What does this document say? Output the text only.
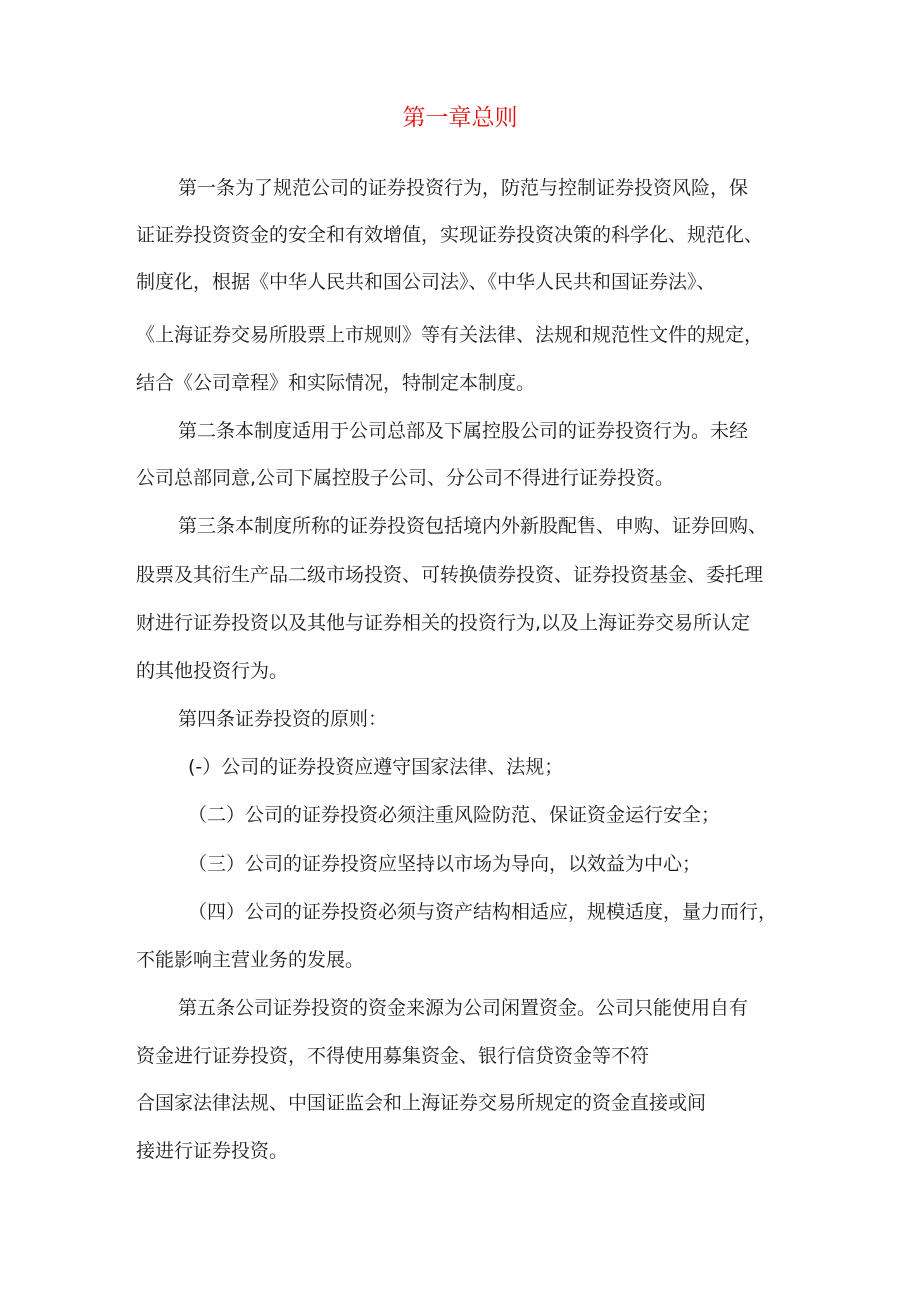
第一章总则
第一条为了规范公司的证券投资行为，防范与控制证券投资风险，保
证证券投资资金的安全和有效增值，实现证券投资决策的科学化、规范化、
制度化，根据《中华人民共和国公司法》、《中华人民共和国证券法》、
《上海证券交易所股票上市规则》等有关法律、法规和规范性文件的规定，
结合《公司章程》和实际情况，特制定本制度。
第二条本制度适用于公司总部及下属控股公司的证券投资行为。未经
公司总部同意,公司下属控股子公司、分公司不得进行证券投资。
第三条本制度所称的证券投资包括境内外新股配售、申购、证券回购、
股票及其衍生产品二级市场投资、可转换债券投资、证券投资基金、委托理
财进行证券投资以及其他与证券相关的投资行为,以及上海证券交易所认定
的其他投资行为。
第四条证券投资的原则：
(-）公司的证券投资应遵守国家法律、法规；
（二）公司的证券投资必须注重风险防范、保证资金运行安全；
（三）公司的证券投资应坚持以市场为导向，以效益为中心；
（四）公司的证券投资必须与资产结构相适应，规模适度，量力而行，
不能影响主营业务的发展。
第五条公司证券投资的资金来源为公司闲置资金。公司只能使用自有
资金进行证券投资，不得使用募集资金、银行信贷资金等不符
合国家法律法规、中国证监会和上海证券交易所规定的资金直接或间
接进行证券投资。
